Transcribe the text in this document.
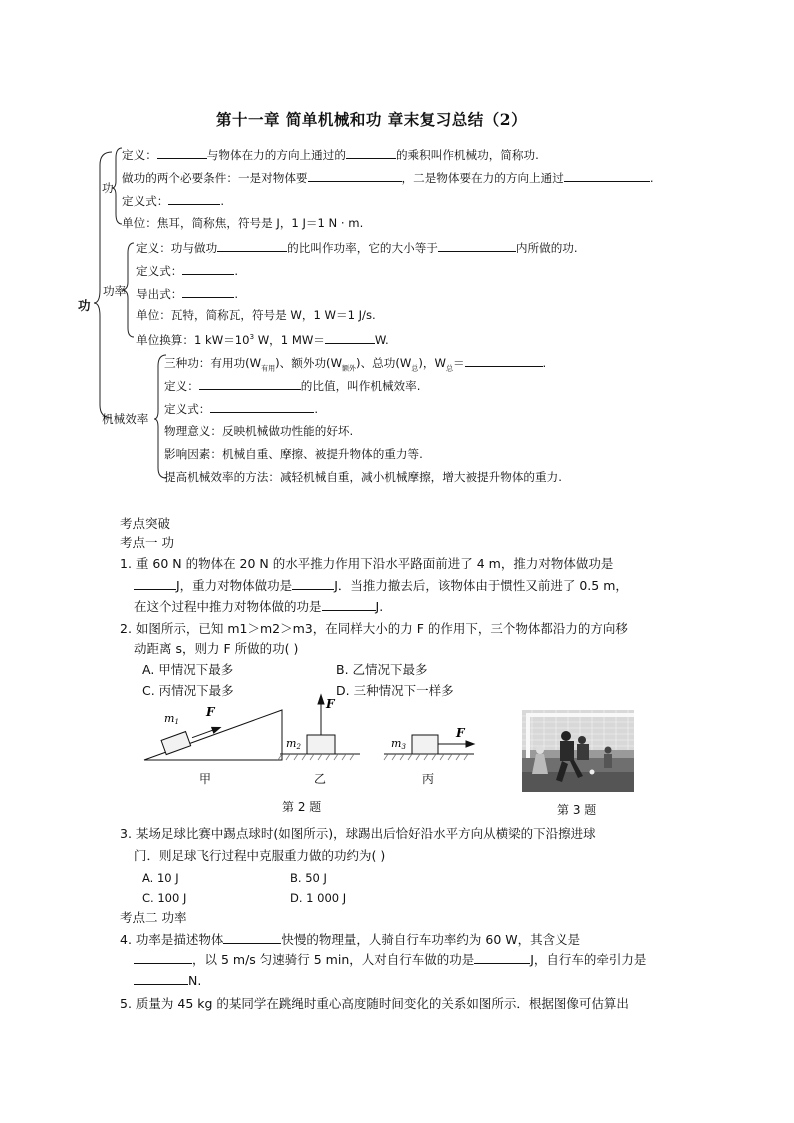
第十一章 简单机械和功 章末复习总结（2）
功
功
功率
机械效率
定义：	与物体在力的方向上通过的	的乘积叫作机械功，简称功.
做功的两个必要条件：一是对物体要	，二是物体要在力的方向上通过	.
定义式：	.
单位：焦耳，简称焦，符号是 J，1 J＝1 N · m.
定义：功与做功	的比叫作功率，它的大小等于	内所做的功.
定义式：	.
导出式：	.
单位：瓦特，简称瓦，符号是 W，1 W＝1 J/s.
单位换算：1 $kW=10^3$ W，1 MW＝	W.
三种功：有用功$(W_{有用})$、额外功$(W_{额外})$、总功$(W_总)$，$W_总=$	.
定义：	的比值，叫作机械效率.
定义式：	.
物理意义：反映机械做功性能的好坏.
影响因素：机械自重、摩擦、被提升物体的重力等.
提高机械效率的方法：减轻机械自重，减小机械摩擦，增大被提升物体的重力.
考点突破
考点一 功
1. 重 60 N 的物体在 20 N 的水平推力作用下沿水平路面前进了 4 m，推力对物体做功是
J，重力对物体做功是	J．当推力撤去后，该物体由于惯性又前进了 0.5 m，
在这个过程中推力对物体做的功是	J.
2. 如图所示，已知 m1＞m2＞m3，在同样大小的力 F 的作用下，三个物体都沿力的方向移
动距离 s，则力 F 所做的功( )
A. 甲情况下最多	B. 乙情况下最多
C. 丙情况下最多	D. 三种情况下一样多
m1
F
m2
F
m3
F
甲	乙	丙
第 2 题	第 3 题
3. 某场足球比赛中踢点球时(如图所示)，球踢出后恰好沿水平方向从横梁的下沿擦进球
门．则足球飞行过程中克服重力做的功约为( )
A. 10 J	B. 50 J
C. 100 J	D. 1 000 J
考点二 功率
4. 功率是描述物体	快慢的物理量，人骑自行车功率约为 60 W，其含义是
，以 5 m/s 匀速骑行 5 min，人对自行车做的功是	J，自行车的牵引力是
N.
5. 质量为 45 kg 的某同学在跳绳时重心高度随时间变化的关系如图所示．根据图像可估算出
